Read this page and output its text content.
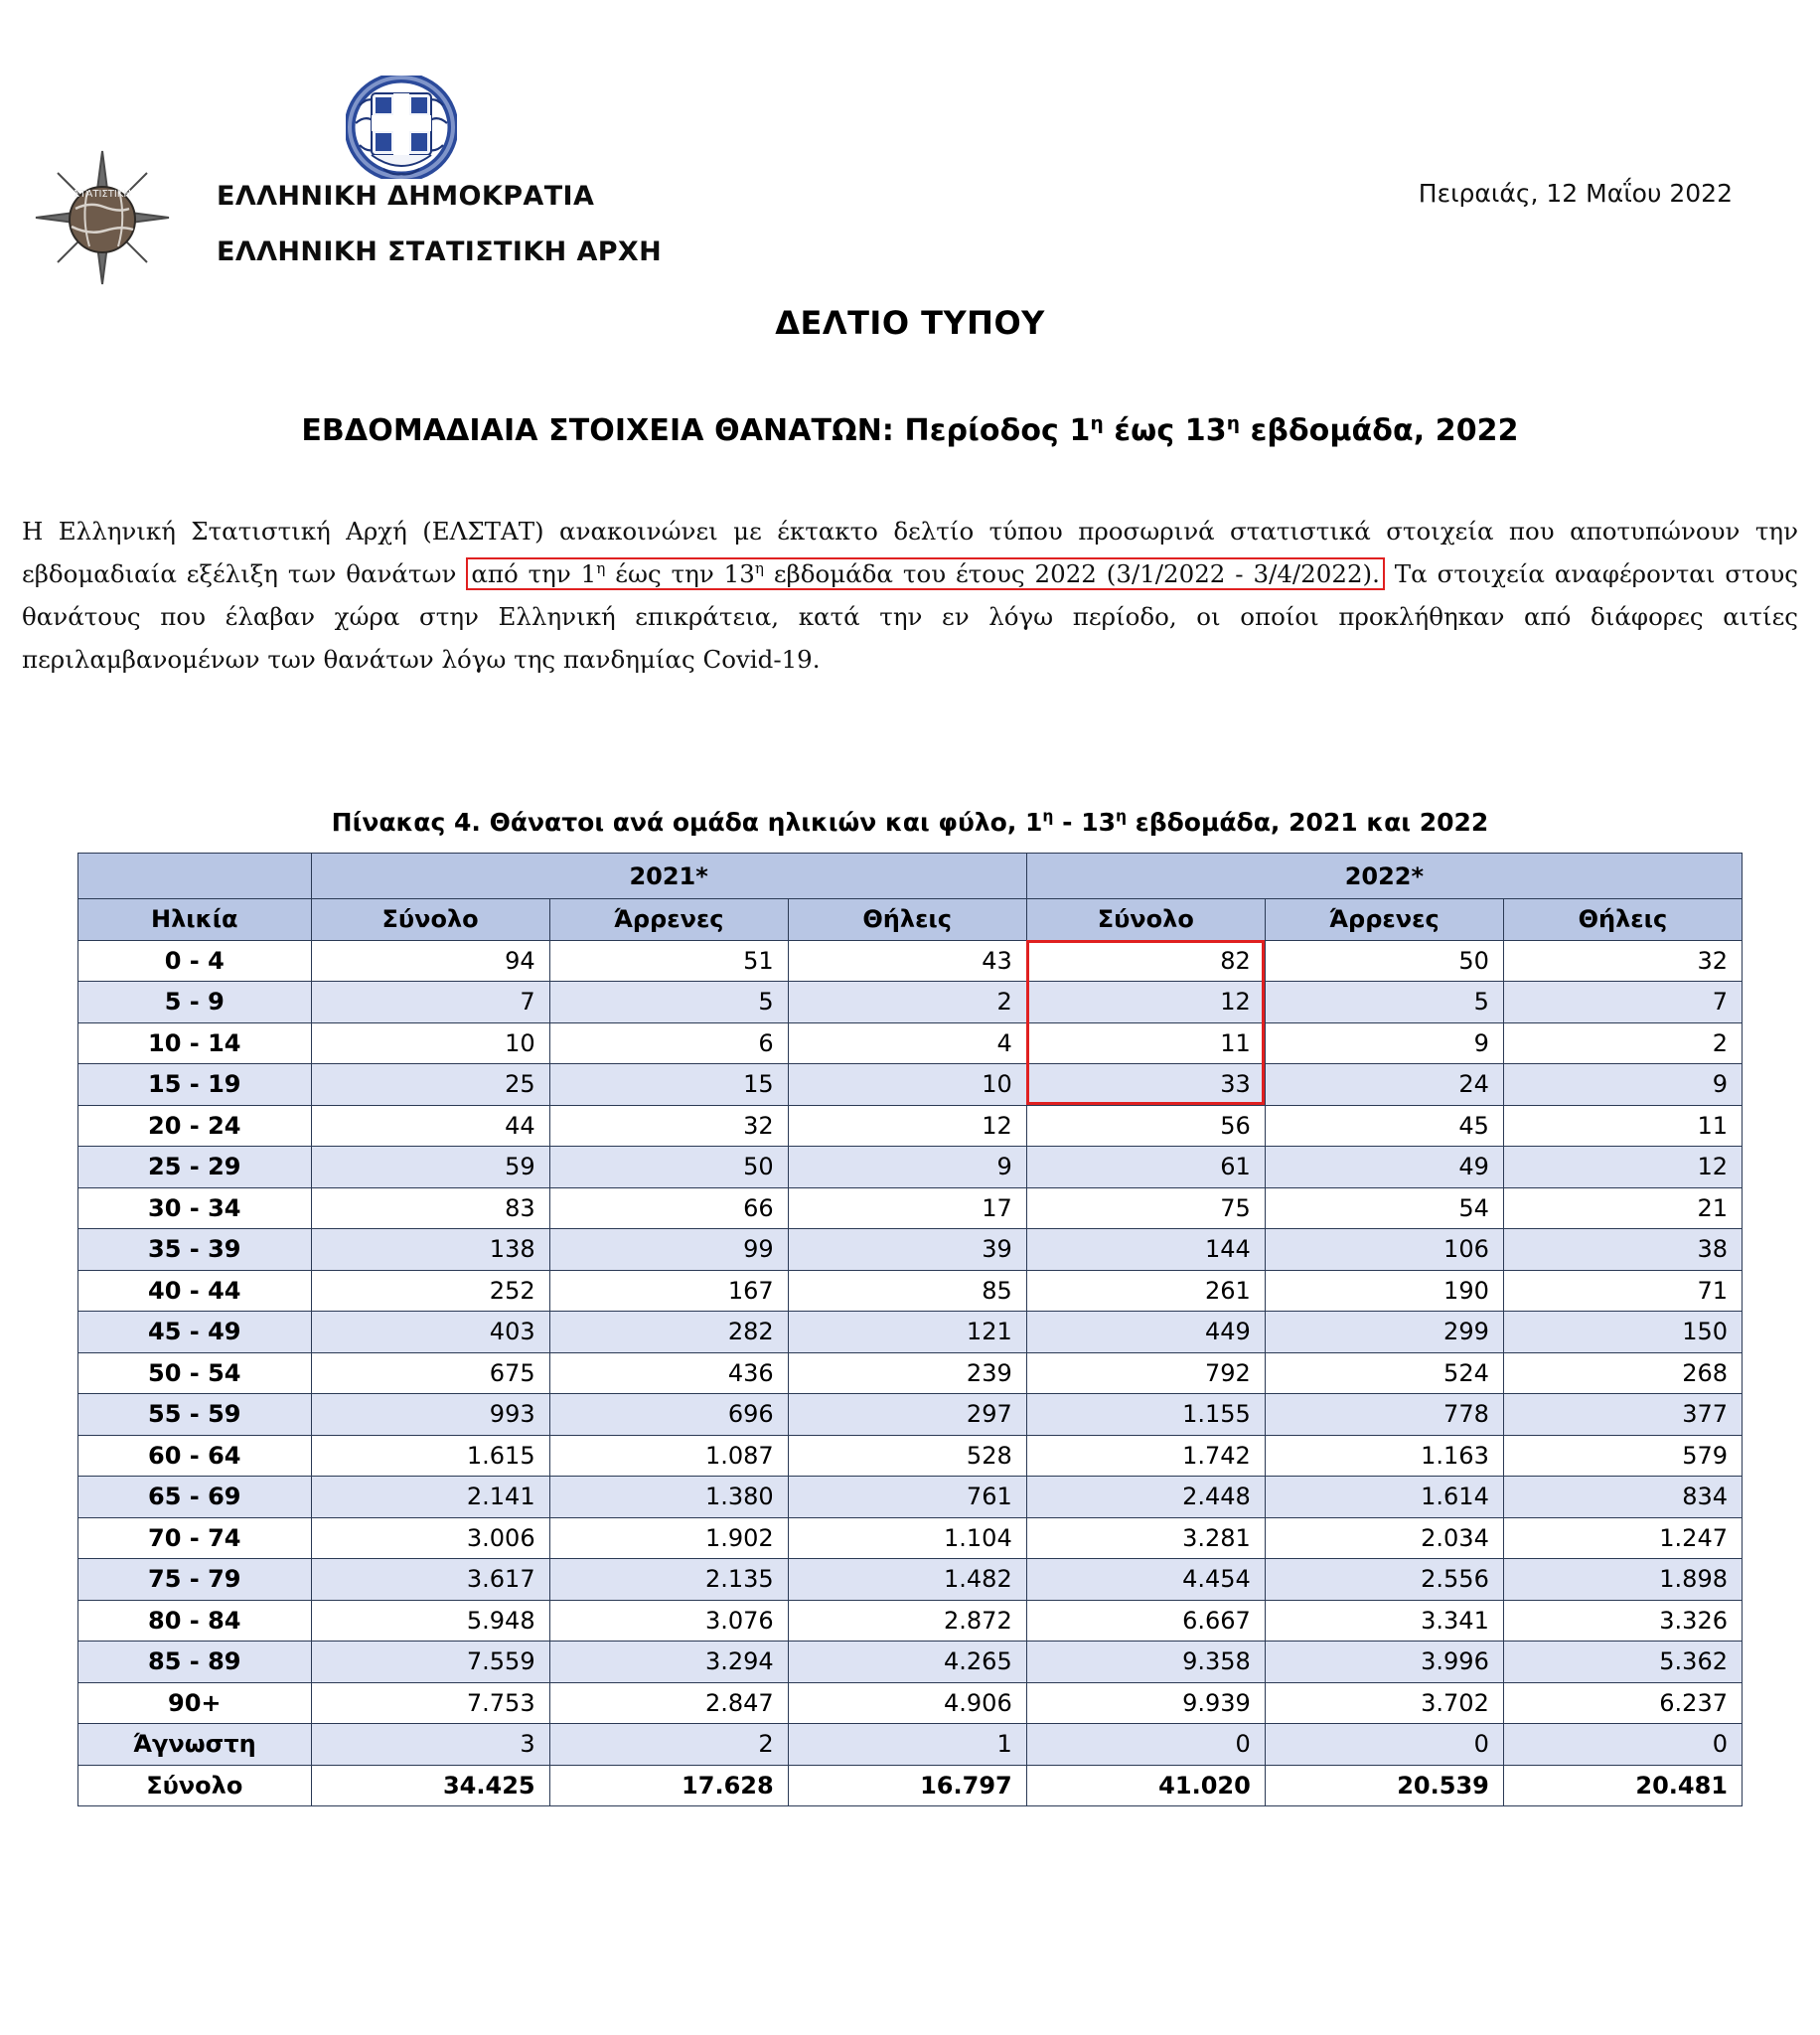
ΣΤΑΤΙΣΤΙΚΗ	ΕΛΛΗΝΙΚΗ ΔΗΜΟΚΡΑΤΙΑ
ΕΛΛΗΝΙΚΗ ΣΤΑΤΙΣΤΙΚΗ ΑΡΧΗ
Πειραιάς, 12 Μαΐου 2022
ΔΕΛΤΙΟ ΤΥΠΟΥ
ΕΒΔΟΜΑΔΙΑΙΑ ΣΤΟΙΧΕΙΑ ΘΑΝΑΤΩΝ: Περίοδος $1^\eta$ έως $13^\eta$ εβδομάδα, 2022

Η Ελληνική Στατιστική Αρχή (ΕΛΣΤΑΤ) ανακοινώνει με έκτακτο δελτίο τύπου προσωρινά στατιστικά στοιχεία που αποτυπώνουν την εβδομαδιαία εξέλιξη των θανάτων από την $1^\eta$ έως την $13^\eta$ εβδομάδα του έτους 2022 (3/1/2022 - 3/4/2022). Τα στοιχεία αναφέρονται στους θανάτους που έλαβαν χώρα στην Ελληνική επικράτεια, κατά την εν λόγω περίοδο, οι οποίοι προκλήθηκαν από διάφορες αιτίες περιλαμβανομένων των θανάτων λόγω της πανδημίας Covid-19.

Πίνακας 4. Θάνατοι ανά ομάδα ηλικιών και φύλο, $1^\eta - 13^\eta$ εβδομάδα, 2021 και 2022
	2021*			2022*		
Ηλικία	Σύνολο	Άρρενες	Θήλεις	Σύνολο	Άρρενες	Θήλεις
0 - 4	94	51	43	82	50	32
5 - 9	7	5	2	12	5	7
10 - 14	10	6	4	11	9	2
15 - 19	25	15	10	33	24	9
20 - 24	44	32	12	56	45	11
25 - 29	59	50	9	61	49	12
30 - 34	83	66	17	75	54	21
35 - 39	138	99	39	144	106	38
40 - 44	252	167	85	261	190	71
45 - 49	403	282	121	449	299	150
50 - 54	675	436	239	792	524	268
55 - 59	993	696	297	1.155	778	377
60 - 64	1.615	1.087	528	1.742	1.163	579
65 - 69	2.141	1.380	761	2.448	1.614	834
70 - 74	3.006	1.902	1.104	3.281	2.034	1.247
75 - 79	3.617	2.135	1.482	4.454	2.556	1.898
80 - 84	5.948	3.076	2.872	6.667	3.341	3.326
85 - 89	7.559	3.294	4.265	9.358	3.996	5.362
90+	7.753	2.847	4.906	9.939	3.702	6.237
Άγνωστη	3	2	1	0	0	0
Σύνολο	34.425	17.628	16.797	41.020	20.539	20.481
